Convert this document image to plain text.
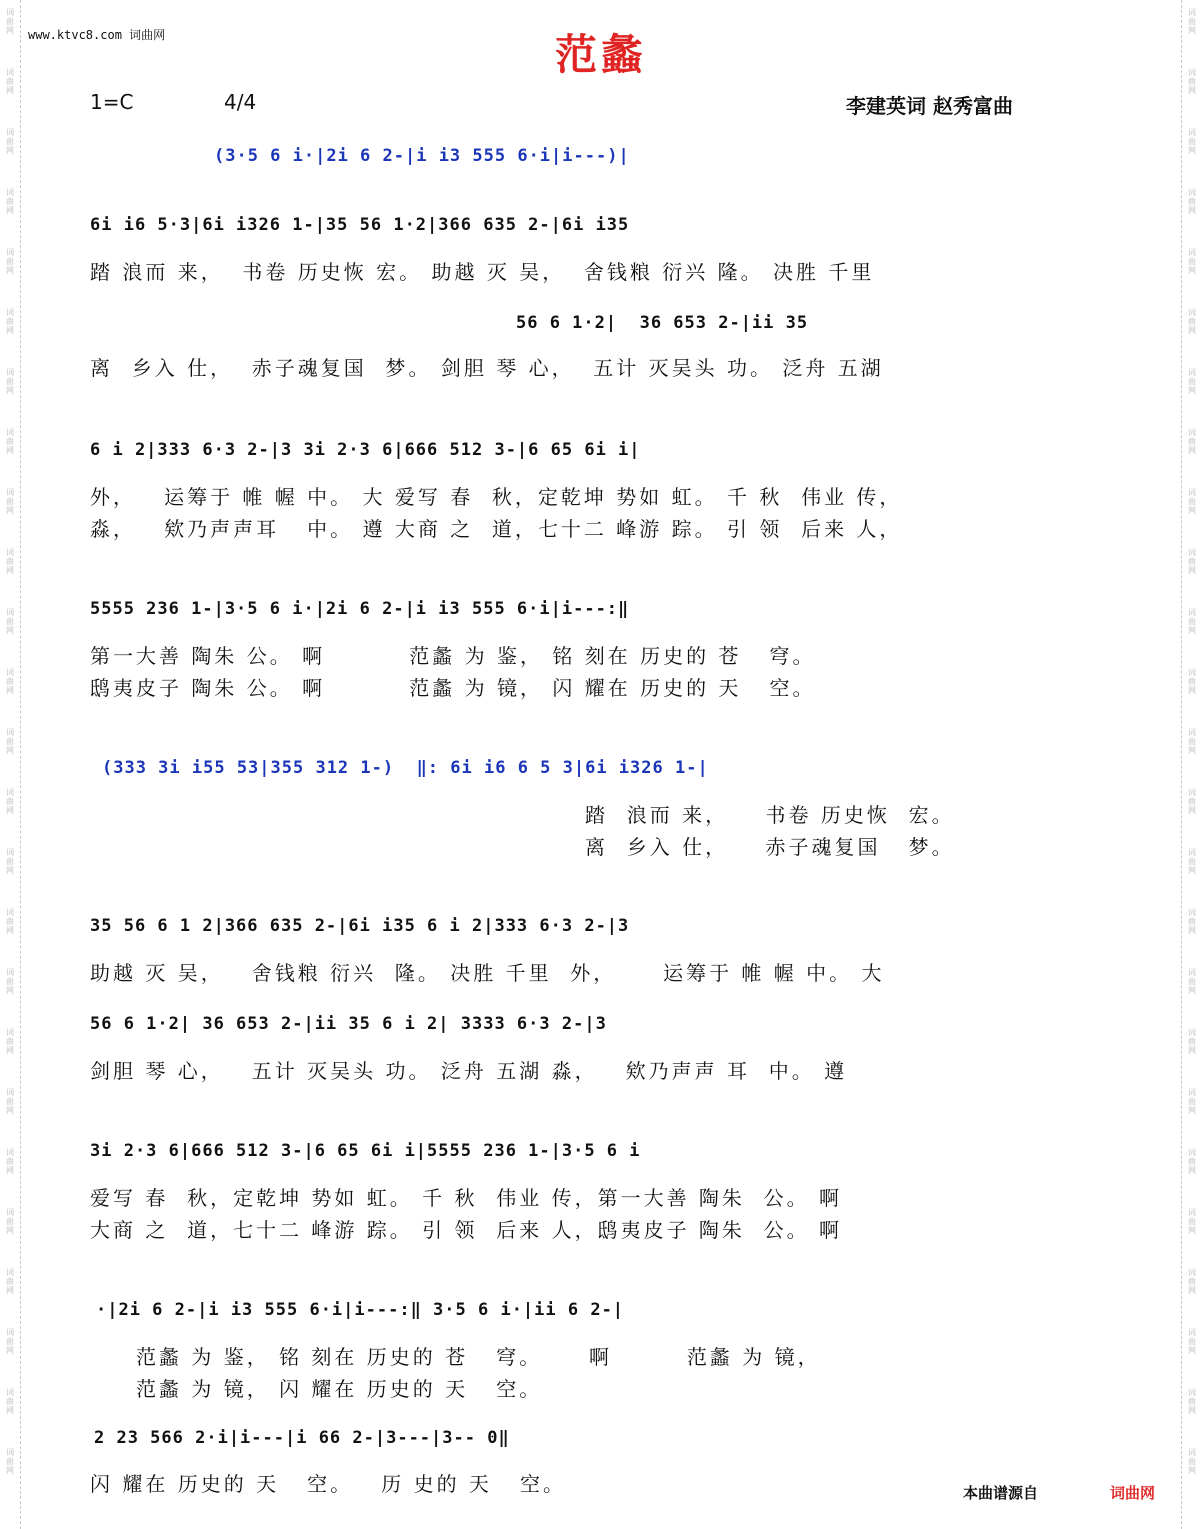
www.ktvc8.com 词曲网	范蠡
1=C	4/4	李建英词 赵秀富曲
(3·5 6 i·|2i 6 2-|i i3 555 6·i|i---)|
6i i6 5·3|6i i326 1-|35 56 1·2|366 635 2-|6i i35
踏 浪而 来，  书卷 历史恢 宏。 助越 灭 吴，  舍钱粮 衍兴 隆。 决胜 千里
56 6 1·2|  36 653 2-|ii 35
离  乡入 仕，  赤子魂复国  梦。 剑胆 琴 心，  五计 灭吴头 功。 泛舟 五湖
6 i 2|333 6·3 2-|3 3i 2·3 6|666 512 3-|6 65 6i i|
外，   运筹于 帷 幄 中。 大 爱写 春  秋，定乾坤 势如 虹。 千 秋  伟业 传，
淼，   欸乃声声耳   中。 遵 大商 之  道，七十二 峰游 踪。 引 领  后来 人，
5555 236 1-|3·5 6 i·|2i 6 2-|i i3 555 6·i|i---:‖
第一大善 陶朱 公。 啊         范蠡 为 鉴， 铭 刻在 历史的 苍   穹。
鸱夷皮子 陶朱 公。 啊         范蠡 为 镜， 闪 耀在 历史的 天   空。
(333 3i i55 53|355 312 1-)  ‖: 6i i6 6 5 3|6i i326 1-|
踏  浪而 来，    书卷 历史恢  宏。
离  乡入 仕，    赤子魂复国   梦。
35 56 6 1 2|366 635 2-|6i i35 6 i 2|333 6·3 2-|3
助越 灭 吴，   舍钱粮 衍兴  隆。 决胜 千里  外，     运筹于 帷 幄 中。 大
56 6 1·2| 36 653 2-|ii 35 6 i 2| 3333 6·3 2-|3
剑胆 琴 心，   五计 灭吴头 功。 泛舟 五湖 淼，   欸乃声声 耳  中。 遵
3i 2·3 6|666 512 3-|6 65 6i i|5555 236 1-|3·5 6 i
爱写 春  秋，定乾坤 势如 虹。 千 秋  伟业 传，第一大善 陶朱  公。 啊
大商 之  道，七十二 峰游 踪。 引 领  后来 人，鸱夷皮子 陶朱  公。 啊
·|2i 6 2-|i i3 555 6·i|i---:‖ 3·5 6 i·|ii 6 2-|
范蠡 为 鉴， 铭 刻在 历史的 苍   穹。     啊        范蠡 为 镜，
范蠡 为 镜， 闪 耀在 历史的 天   空。
2 23 566 2·i|i---|i 66 2-|3---|3-- 0‖
闪 耀在 历史的 天   空。   历 史的 天   空。	本曲谱源自	词曲网
词
曲
网
词
曲
网
词
曲
网
词
曲
网
词
曲
网
词
曲
网
词
曲
网
词
曲
网
词
曲
网
词
曲
网
词
曲
网
词
曲
网
词
曲
网
词
曲
网
词
曲
网
词
曲
网
词
曲
网
词
曲
网
词
曲
网
词
曲
网
词
曲
网
词
曲
网
词
曲
网
词
曲
网
词
曲
网
词
曲
网
词
曲
网
词
曲
网
词
曲
网
词
曲
网
词
曲
网
词
曲
网
词
曲
网
词
曲
网
词
曲
网
词
曲
网
词
曲
网
词
曲
网
词
曲
网
词
曲
网
词
曲
网
词
曲
网
词
曲
网
词
曲
网
词
曲
网
词
曲
网
词
曲
网
词
曲
网
词
曲
网
词
曲
网
